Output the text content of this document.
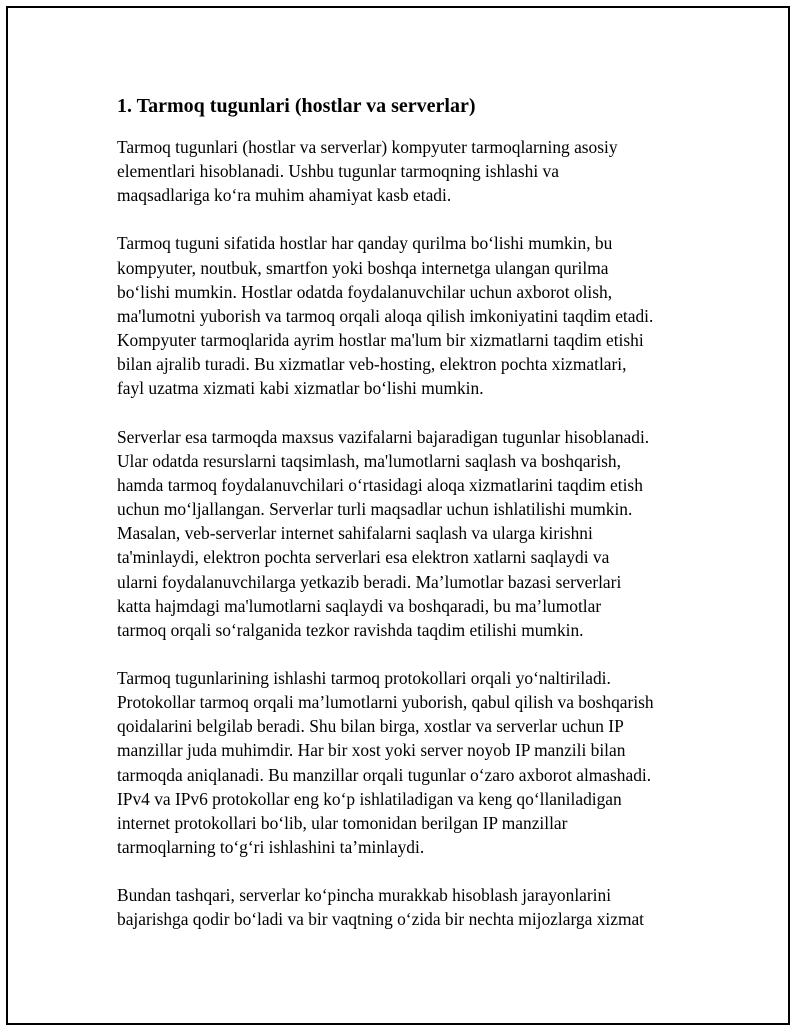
1. Tarmoq tugunlari (hostlar va serverlar)

Tarmoq tugunlari (hostlar va serverlar) kompyuter tarmoqlarning asosiy
elementlari hisoblanadi. Ushbu tugunlar tarmoqning ishlashi va
maqsadlariga ko‘ra muhim ahamiyat kasb etadi.

Tarmoq tuguni sifatida hostlar har qanday qurilma bo‘lishi mumkin, bu
kompyuter, noutbuk, smartfon yoki boshqa internetga ulangan qurilma
bo‘lishi mumkin. Hostlar odatda foydalanuvchilar uchun axborot olish,
ma'lumotni yuborish va tarmoq orqali aloqa qilish imkoniyatini taqdim etadi.
Kompyuter tarmoqlarida ayrim hostlar ma'lum bir xizmatlarni taqdim etishi
bilan ajralib turadi. Bu xizmatlar veb-hosting, elektron pochta xizmatlari,
fayl uzatma xizmati kabi xizmatlar bo‘lishi mumkin.

Serverlar esa tarmoqda maxsus vazifalarni bajaradigan tugunlar hisoblanadi.
Ular odatda resurslarni taqsimlash, ma'lumotlarni saqlash va boshqarish,
hamda tarmoq foydalanuvchilari o‘rtasidagi aloqa xizmatlarini taqdim etish
uchun mo‘ljallangan. Serverlar turli maqsadlar uchun ishlatilishi mumkin.
Masalan, veb-serverlar internet sahifalarni saqlash va ularga kirishni
ta'minlaydi, elektron pochta serverlari esa elektron xatlarni saqlaydi va
ularni foydalanuvchilarga yetkazib beradi. Ma’lumotlar bazasi serverlari
katta hajmdagi ma'lumotlarni saqlaydi va boshqaradi, bu ma’lumotlar
tarmoq orqali so‘ralganida tezkor ravishda taqdim etilishi mumkin.

Tarmoq tugunlarining ishlashi tarmoq protokollari orqali yo‘naltiriladi.
Protokollar tarmoq orqali ma’lumotlarni yuborish, qabul qilish va boshqarish
qoidalarini belgilab beradi. Shu bilan birga, xostlar va serverlar uchun IP
manzillar juda muhimdir. Har bir xost yoki server noyob IP manzili bilan
tarmoqda aniqlanadi. Bu manzillar orqali tugunlar o‘zaro axborot almashadi.
IPv4 va IPv6 protokollar eng ko‘p ishlatiladigan va keng qo‘llaniladigan
internet protokollari bo‘lib, ular tomonidan berilgan IP manzillar
tarmoqlarning to‘g‘ri ishlashini ta’minlaydi.

Bundan tashqari, serverlar ko‘pincha murakkab hisoblash jarayonlarini
bajarishga qodir bo‘ladi va bir vaqtning o‘zida bir nechta mijozlarga xizmat
